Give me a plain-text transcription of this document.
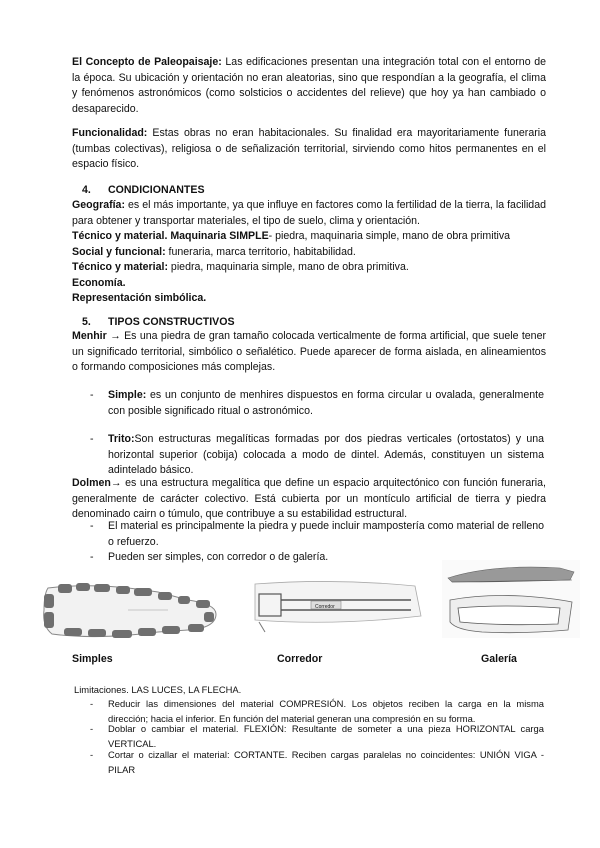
El Concepto de Paleopaisaje: Las edificaciones presentan una integración total con el entorno de la época. Su ubicación y orientación no eran aleatorias, sino que respondían a la geografía, el clima y fenómenos astronómicos (como solsticios o accidentes del relieve) que hoy ya han cambiado o desaparecido.

Funcionalidad: Estas obras no eran habitacionales. Su finalidad era mayoritariamente funeraria (tumbas colectivas), religiosa o de señalización territorial, sirviendo como hitos permanentes en el espacio físico.

4. CONDICIONANTES
Geografía: es el más importante, ya que influye en factores como la fertilidad de la tierra, la facilidad para obtener y transportar materiales, el tipo de suelo, clima y orientación.
Técnico y material. Maquinaria SIMPLE- piedra, maquinaria simple, mano de obra primitiva
Social y funcional: funeraria, marca territorio, habitabilidad.
Técnico y material: piedra, maquinaria simple, mano de obra primitiva.
Economía.
Representación simbólica.
5. TIPOS CONSTRUCTIVOS

Menhir → Es una piedra de gran tamaño colocada verticalmente de forma artificial, que suele tener un significado territorial, simbólico o señalético. Puede aparecer de forma aislada, en alineamientos o formando composiciones más complejas.

- Simple: es un conjunto de menhires dispuestos en forma circular u ovalada, generalmente con posible significado ritual o astronómico.
- Trito:Son estructuras megalíticas formadas por dos piedras verticales (ortostatos) y una horizontal superior (cobija) colocada a modo de dintel. Además, constituyen un sistema adintelado básico.

Dolmen→ es una estructura megalítica que define un espacio arquitectónico con función funeraria, generalmente de carácter colectivo. Está cubierta por un montículo artificial de tierra y piedra denominado cairn o túmulo, que contribuye a su estabilidad estructural.

- El material es principalmente la piedra y puede incluir mampostería como material de relleno o refuerzo.
- Pueden ser simples, con corredor o de galería.
Corredor
Simples	Corredor	Galería
Limitaciones. LAS LUCES, LA FLECHA.
- Reducir las dimensiones del material COMPRESIÓN. Los objetos reciben la carga en la misma dirección; hacia el inferior. En función del material generan una compresión en su forma.
- Doblar o cambiar el material. FLEXIÓN: Resultante de someter a una pieza HORIZONTAL carga VERTICAL.
- Cortar o cizallar el material: CORTANTE. Reciben cargas paralelas no coincidentes: UNIÓN VIGA - PILAR
